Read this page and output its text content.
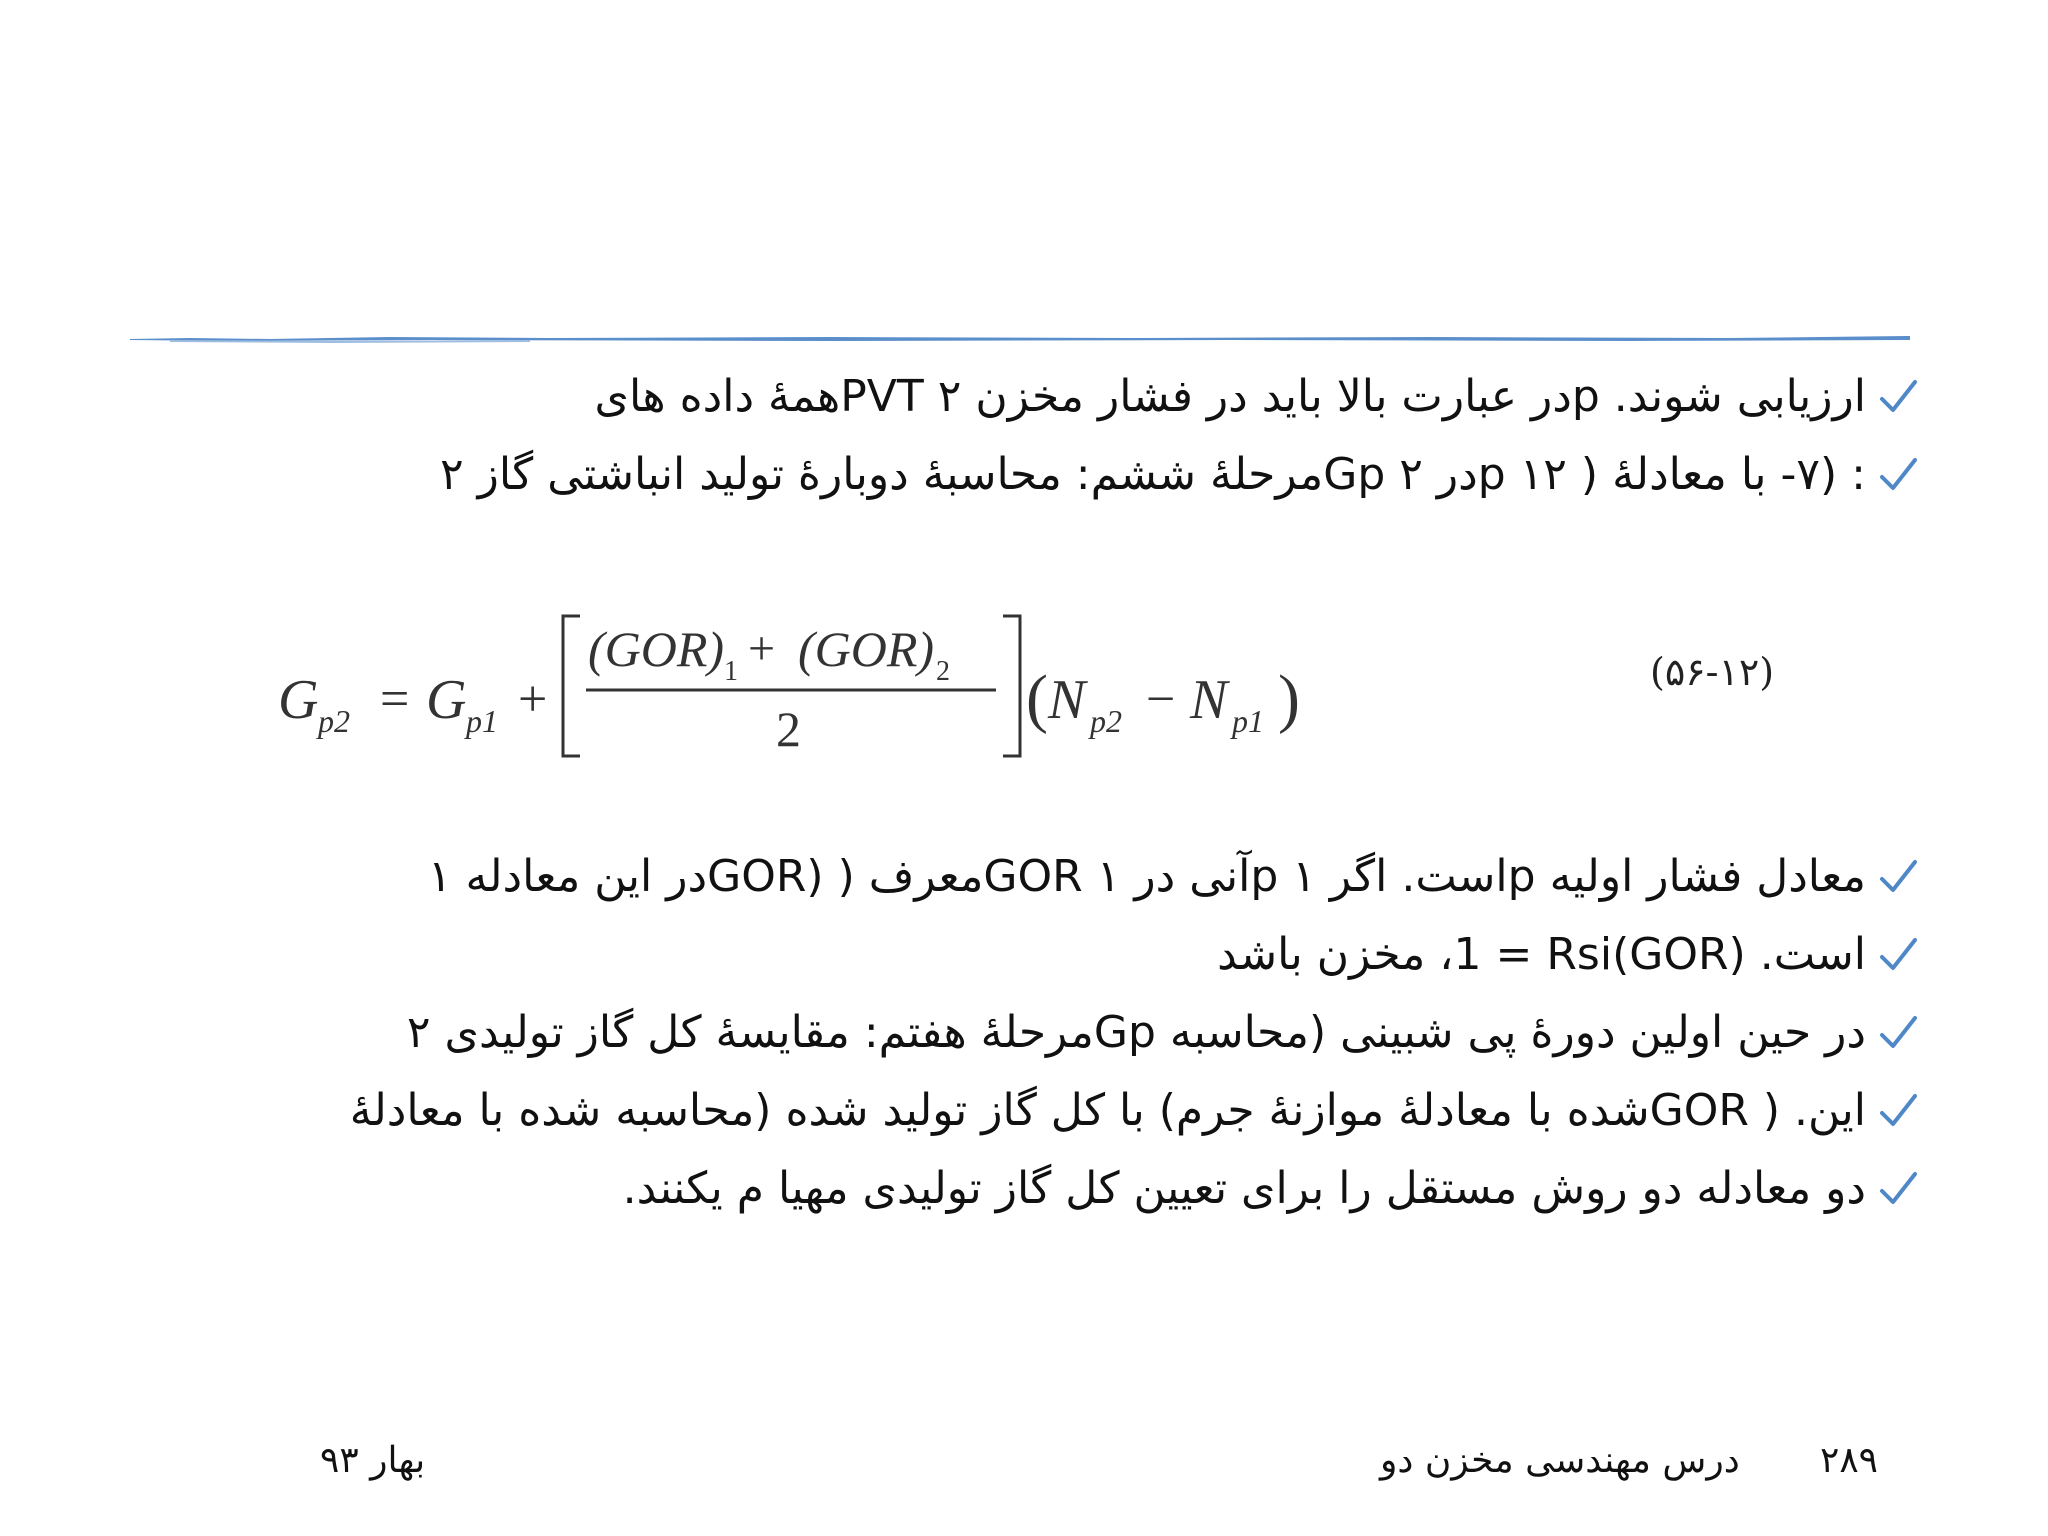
ارزیابی شوند. pدر عبارت بالا باید در فشار مخزن ۲ PVTهمهٔ داده های
: (۷- با معادلهٔ ( ۱۲ pدر ۲ Gpمرحلهٔ ششم: محاسبهٔ دوبارهٔ تولید انباشتی گاز ۲
G p2 = G p1 +
(GOR) 1 + (GOR) 2
2	( N p2 − N p1 )	(۵۶-۱۲)
معادل فشار اولیه pاست. اگر ۱ pآنی در ۱ GORمعرف ( (GORدر این معادله ۱
است. (GOR)1 = Rsi، مخزن باشد
در حین اولین دورهٔ پی شبینی (محاسبه Gpمرحلهٔ هفتم: مقایسهٔ کل گاز تولیدی ۲
این. ( GORشده با معادلهٔ موازنهٔ جرم) با کل گاز تولید شده (محاسبه شده با معادلهٔ
دو معادله دو روش مستقل را برای تعیین کل گاز تولیدی مهیا م یکنند.
۲۸۹
درس مهندسی مخزن دو
بهار ۹۳
